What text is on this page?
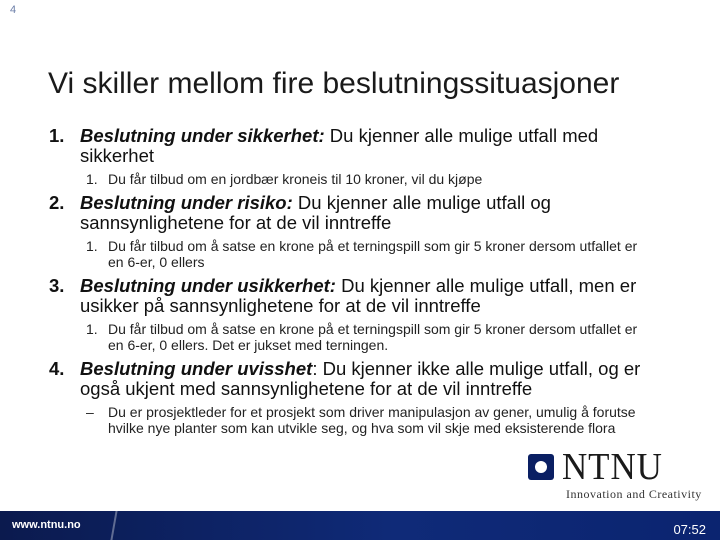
4
Vi skiller mellom fire beslutningssituasjoner
1. Beslutning under sikkerhet: Du kjenner alle mulige utfall med sikkerhet
1. Du får tilbud om en jordbær kroneis til 10 kroner, vil du kjøpe
2. Beslutning under risiko: Du kjenner alle mulige utfall og sannsynlighetene for at de vil inntreffe
1. Du får tilbud om å satse en krone på et terningspill som gir 5 kroner dersom utfallet er en 6-er, 0 ellers
3. Beslutning under usikkerhet: Du kjenner alle mulige utfall, men er usikker på sannsynlighetene for at de vil inntreffe
1. Du får tilbud om å satse en krone på et terningspill som gir 5 kroner dersom utfallet er en 6-er, 0 ellers. Det er jukset med terningen.
4. Beslutning under uvisshet: Du kjenner ikke alle mulige utfall, og er også ukjent med sannsynlighetene for at de vil inntreffe
– Du er prosjektleder for et prosjekt som driver manipulasjon av gener, umulig å forutse hvilke nye planter som kan utvikle seg, og hva som vil skje med eksisterende flora
NTNU
Innovation and Creativity
www.ntnu.no	07:52
